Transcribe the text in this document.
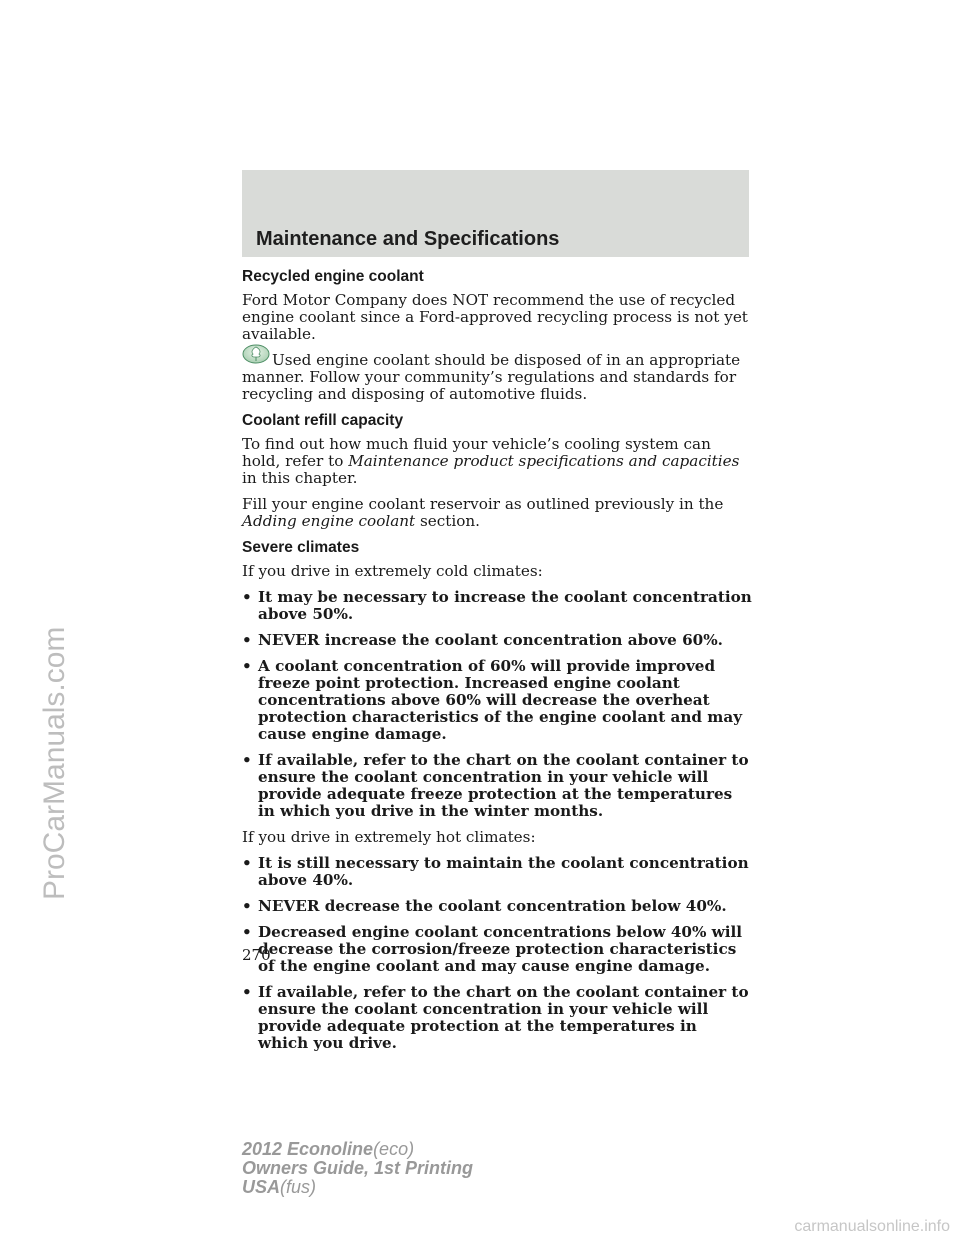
ProCarManuals.com
Maintenance and Specifications
Recycled engine coolant

Ford Motor Company does NOT recommend the use of recycled engine coolant since a Ford-approved recycling process is not yet available.

Used engine coolant should be disposed of in an appropriate manner. Follow your community’s regulations and standards for recycling and disposing of automotive fluids.

Coolant refill capacity

To find out how much fluid your vehicle’s cooling system can hold, refer to Maintenance product specifications and capacities in this chapter.

Fill your engine coolant reservoir as outlined previously in the Adding engine coolant section.

Severe climates

If you drive in extremely cold climates:

• It may be necessary to increase the coolant concentration above 50%.
• NEVER increase the coolant concentration above 60%.
• A coolant concentration of 60% will provide improved freeze point protection. Increased engine coolant concentrations above 60% will decrease the overheat protection characteristics of the engine coolant and may cause engine damage.
• If available, refer to the chart on the coolant container to ensure the coolant concentration in your vehicle will provide adequate freeze protection at the temperatures in which you drive in the winter months.

If you drive in extremely hot climates:

• It is still necessary to maintain the coolant concentration above 40%.
• NEVER decrease the coolant concentration below 40%.
• Decreased engine coolant concentrations below 40% will decrease the corrosion/freeze protection characteristics of the engine coolant and may cause engine damage.
• If available, refer to the chart on the coolant container to ensure the coolant concentration in your vehicle will provide adequate protection at the temperatures in which you drive.
270
2012 Econoline(eco)
Owners Guide, 1st Printing
USA(fus)
carmanualsonline.info
